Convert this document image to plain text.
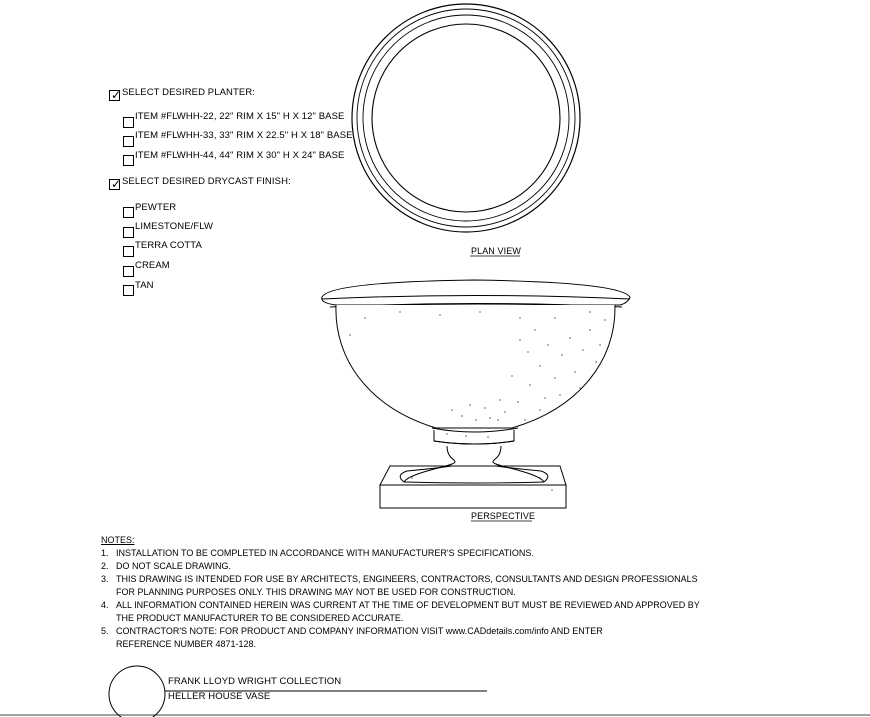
✓ SELECT DESIRED PLANTER:
ITEM #FLWHH-22, 22" RIM X 15" H X 12" BASE
ITEM #FLWHH-33, 33" RIM X 22.5" H X 18" BASE
ITEM #FLWHH-44, 44" RIM X 30" H X 24" BASE
✓ SELECT DESIRED DRYCAST FINISH:
PEWTER
LIMESTONE/FLW
TERRA COTTA
CREAM
TAN
PLAN VIEW
PERSPECTIVE
NOTES:
1. INSTALLATION TO BE COMPLETED IN ACCORDANCE WITH MANUFACTURER'S SPECIFICATIONS.
2. DO NOT SCALE DRAWING.
3. THIS DRAWING IS INTENDED FOR USE BY ARCHITECTS, ENGINEERS, CONTRACTORS, CONSULTANTS AND DESIGN PROFESSIONALS
FOR PLANNING PURPOSES ONLY. THIS DRAWING MAY NOT BE USED FOR CONSTRUCTION.
4. ALL INFORMATION CONTAINED HEREIN WAS CURRENT AT THE TIME OF DEVELOPMENT BUT MUST BE REVIEWED AND APPROVED BY
THE PRODUCT MANUFACTURER TO BE CONSIDERED ACCURATE.
5. CONTRACTOR'S NOTE: FOR PRODUCT AND COMPANY INFORMATION VISIT www.CADdetails.com/info AND ENTER
REFERENCE NUMBER 4871-128.
FRANK LLOYD WRIGHT COLLECTION
HELLER HOUSE VASE
